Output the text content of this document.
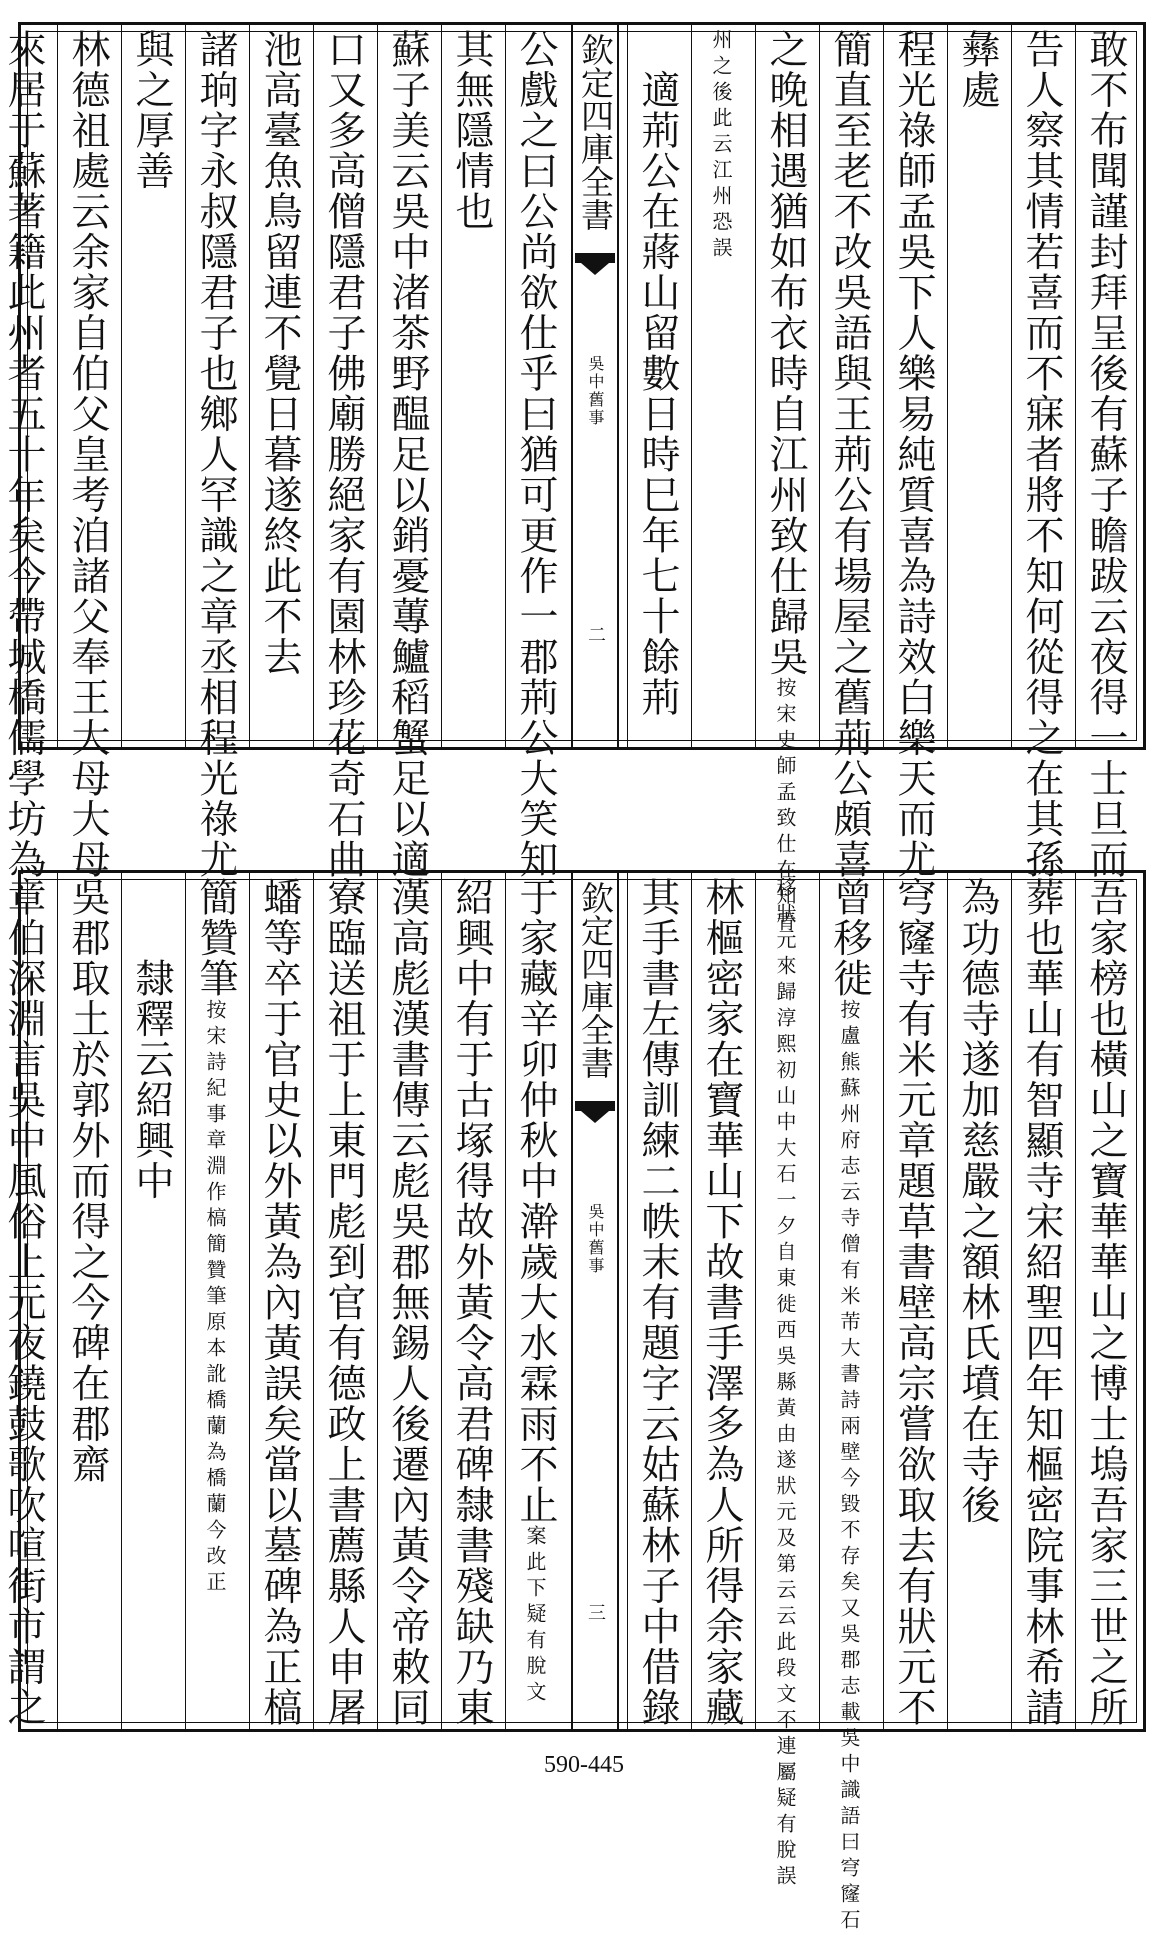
欽定四庫全書
吳中舊事
二	敢不布聞謹封拜呈後有蘇子瞻跋云夜得一士旦而
告人察其情若喜而不寐者將不知何從得之在其孫
彝處
程光祿師孟吳下人樂易純質喜為詩效白樂天而尤
簡直至老不改吳語與王荊公有場屋之舊荊公頗喜
之晚相遇猶如布衣時自江州致仕歸吳按宋史師孟致仕在知青
州之後此云江州恐誤
　適荊公在蔣山留數日時巳年七十餘荊
公戲之曰公尚欲仕乎曰猶可更作一郡荊公大笑知
其無隱情也
蘇子美云吳中渚茶野醖足以銷憂蓴鱸稻蟹足以適
口又多高僧隱君子佛廟勝絕家有園林珍花奇石曲
池高臺魚鳥留連不覺日暮遂終此不去
諸珦字永叔隱君子也鄉人罕識之章丞相程光祿尤
與之厚善
林德祖處云余家自伯父皇考洎諸父奉王大母大母
來居于蘇著籍此州者五十年矣今帶城橋儒學坊為
欽定四庫全書
吳中舊事
三	吾家榜也橫山之寶華華山之博士塢吾家三世之所
葬也華山有智顯寺宋紹聖四年知樞密院事林希請
為功德寺遂加慈嚴之額林氏墳在寺後
穹窿寺有米元章題草書壁高宗嘗欲取去有狀元不
曾移徙按盧熊蘇州府志云寺僧有米芾大書詩兩壁今毀不存矣又吳郡志載吳中識語曰穹窿石
移狀元來歸淳熙初山中大石一夕自東徙西吳縣黃由遂狀元及第云云此段文不連屬疑有脫誤
林樞密家在寶華山下故書手澤多為人所得余家藏
其手書左傳訓練二帙末有題字云姑蘇林子中借錄
于家藏辛卯仲秋中澣歲大水霖雨不止案此下疑有脫文
紹興中有于古塚得故外黃令高君碑隸書殘缺乃東
漢高彪漢書傳云彪吳郡無錫人後遷內黃令帝敕同
寮臨送祖于上東門彪到官有德政上書薦縣人申屠
蟠等卒于官史以外黃為內黃誤矣當以墓碑為正槁
簡贊筆按宋詩紀事章淵作槁簡贊筆原本訛橋蘭為橋蘭今改正
　　隸釋云紹興中
吳郡取土於郭外而得之今碑在郡齋
章伯深淵言吳中風俗上元夜鐃鼓歌吹喧街市謂之
590-445
